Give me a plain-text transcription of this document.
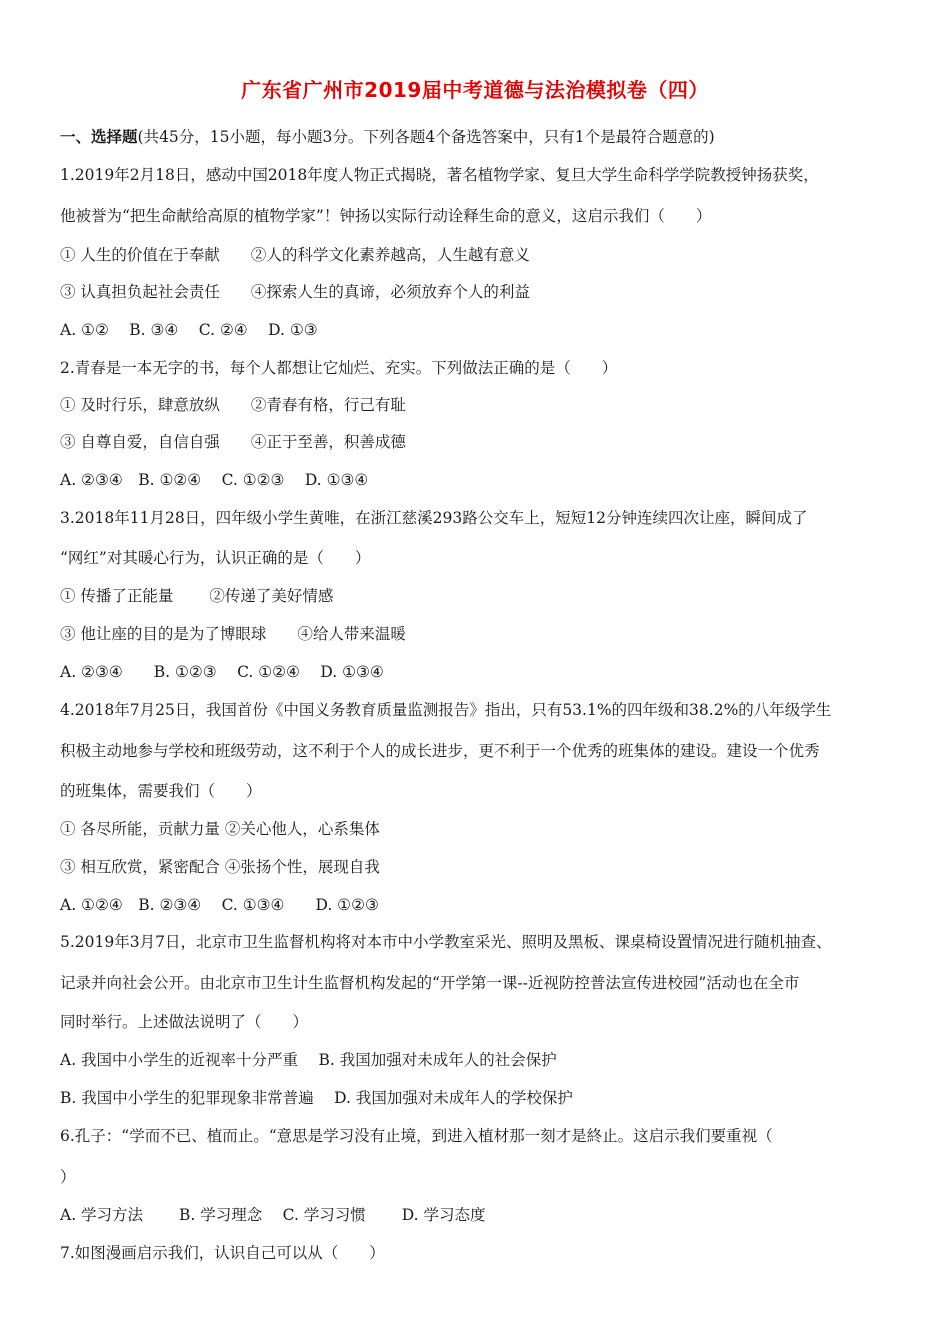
广东省广州市2019届中考道德与法治模拟卷（四）
一、选择题(共45分，15小题，每小题3分。下列各题4个备选答案中，只有1个是最符合题意的)
1.2019年2月18日，感动中国2018年度人物正式揭晓，著名植物学家、复旦大学生命科学学院教授钟扬获奖，
他被誉为“把生命献给高原的植物学家”！钟扬以实际行动诠释生命的意义，这启示我们（　　）
① 人生的价值在于奉献　　②人的科学文化素养越高，人生越有意义
③ 认真担负起社会责任　　④探索人生的真谛，必须放弃个人的利益
A. ①②　 B. ③④　 C. ②④　 D. ①③
2.青春是一本无字的书，每个人都想让它灿烂、充实。下列做法正确的是（　　）
① 及时行乐，肆意放纵　　②青春有格，行己有耻
③ 自尊自爱，自信自强　　④正于至善，积善成德
A. ②③④　B. ①②④　 C. ①②③　 D. ①③④
3.2018年11月28日，四年级小学生黄唯，在浙江慈溪293路公交车上，短短12分钟连续四次让座，瞬间成了
“网红”对其暖心行为，认识正确的是（　　）
① 传播了正能量　　 ②传递了美好情感
③ 他让座的目的是为了博眼球　　④给人带来温暖
A. ②③④　　B. ①②③　 C. ①②④　 D. ①③④
4.2018年7月25日，我国首份《中国义务教育质量监测报告》指出，只有53.1%的四年级和38.2%的八年级学生
积极主动地参与学校和班级劳动，这不利于个人的成长进步，更不利于一个优秀的班集体的建设。建设一个优秀
的班集体，需要我们（　　）
① 各尽所能，贡献力量 ②关心他人，心系集体
③ 相互欣赏，紧密配合 ④张扬个性，展现自我
A. ①②④　B. ②③④　 C. ①③④　　D. ①②③
5.2019年3月7日，北京市卫生监督机构将对本市中小学教室采光、照明及黑板、课桌椅设置情况进行随机抽查、
记录并向社会公开。由北京市卫生计生监督机构发起的“开学第一课--近视防控普法宣传进校园”活动也在全市
同时举行。上述做法说明了（　　）
A. 我国中小学生的近视率十分严重　 B. 我国加强对未成年人的社会保护
B. 我国中小学生的犯罪现象非常普遍　 D. 我国加强对未成年人的学校保护
6.孔子：“学而不已、植而止。“意思是学习没有止境，到进入植材那一刻才是終止。这启示我们要重视（
）
A. 学习方法　　 B. 学习理念　 C. 学习习惯　　 D. 学习态度
7.如图漫画启示我们，认识自己可以从（　　）
